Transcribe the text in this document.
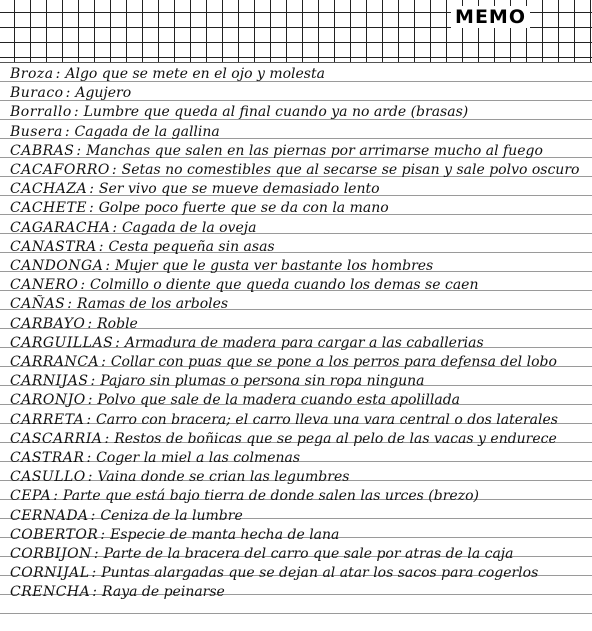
MEMO
Broza : Algo que se mete en el ojo y molesta
Buraco : Agujero
Borrallo : Lumbre que queda al final cuando ya no arde (brasas)
Busera : Cagada de la gallina
CABRAS : Manchas que salen en las piernas por arrimarse mucho al fuego
CACAFORRO : Setas no comestibles que al secarse se pisan y sale polvo oscuro
CACHAZA : Ser vivo que se mueve demasiado lento
CACHETE : Golpe poco fuerte que se da con la mano
CAGARACHA : Cagada de la oveja
CANASTRA : Cesta pequeña sin asas
CANDONGA : Mujer que le gusta ver bastante los hombres
CANERO : Colmillo o diente que queda cuando los demas se caen
CAÑAS : Ramas de los arboles
CARBAYO : Roble
CARGUILLAS : Armadura de madera para cargar a las caballerias
CARRANCA : Collar con puas que se pone a los perros para defensa del lobo
CARNIJAS : Pajaro sin plumas o persona sin ropa ninguna
CARONJO : Polvo que sale de la madera cuando esta apolillada
CARRETA : Carro con bracera; el carro lleva una vara central o dos laterales
CASCARRIA : Restos de boñicas que se pega al pelo de las vacas y endurece
CASTRAR : Coger la miel a las colmenas
CASULLO : Vaina donde se crian las legumbres
CEPA : Parte que está bajo tierra de donde salen las urces (brezo)
CERNADA : Ceniza de la lumbre
COBERTOR : Especie de manta hecha de lana
CORBIJON : Parte de la bracera del carro que sale por atras de la caja
CORNIJAL : Puntas alargadas que se dejan al atar los sacos para cogerlos
CRENCHA : Raya de peinarse
